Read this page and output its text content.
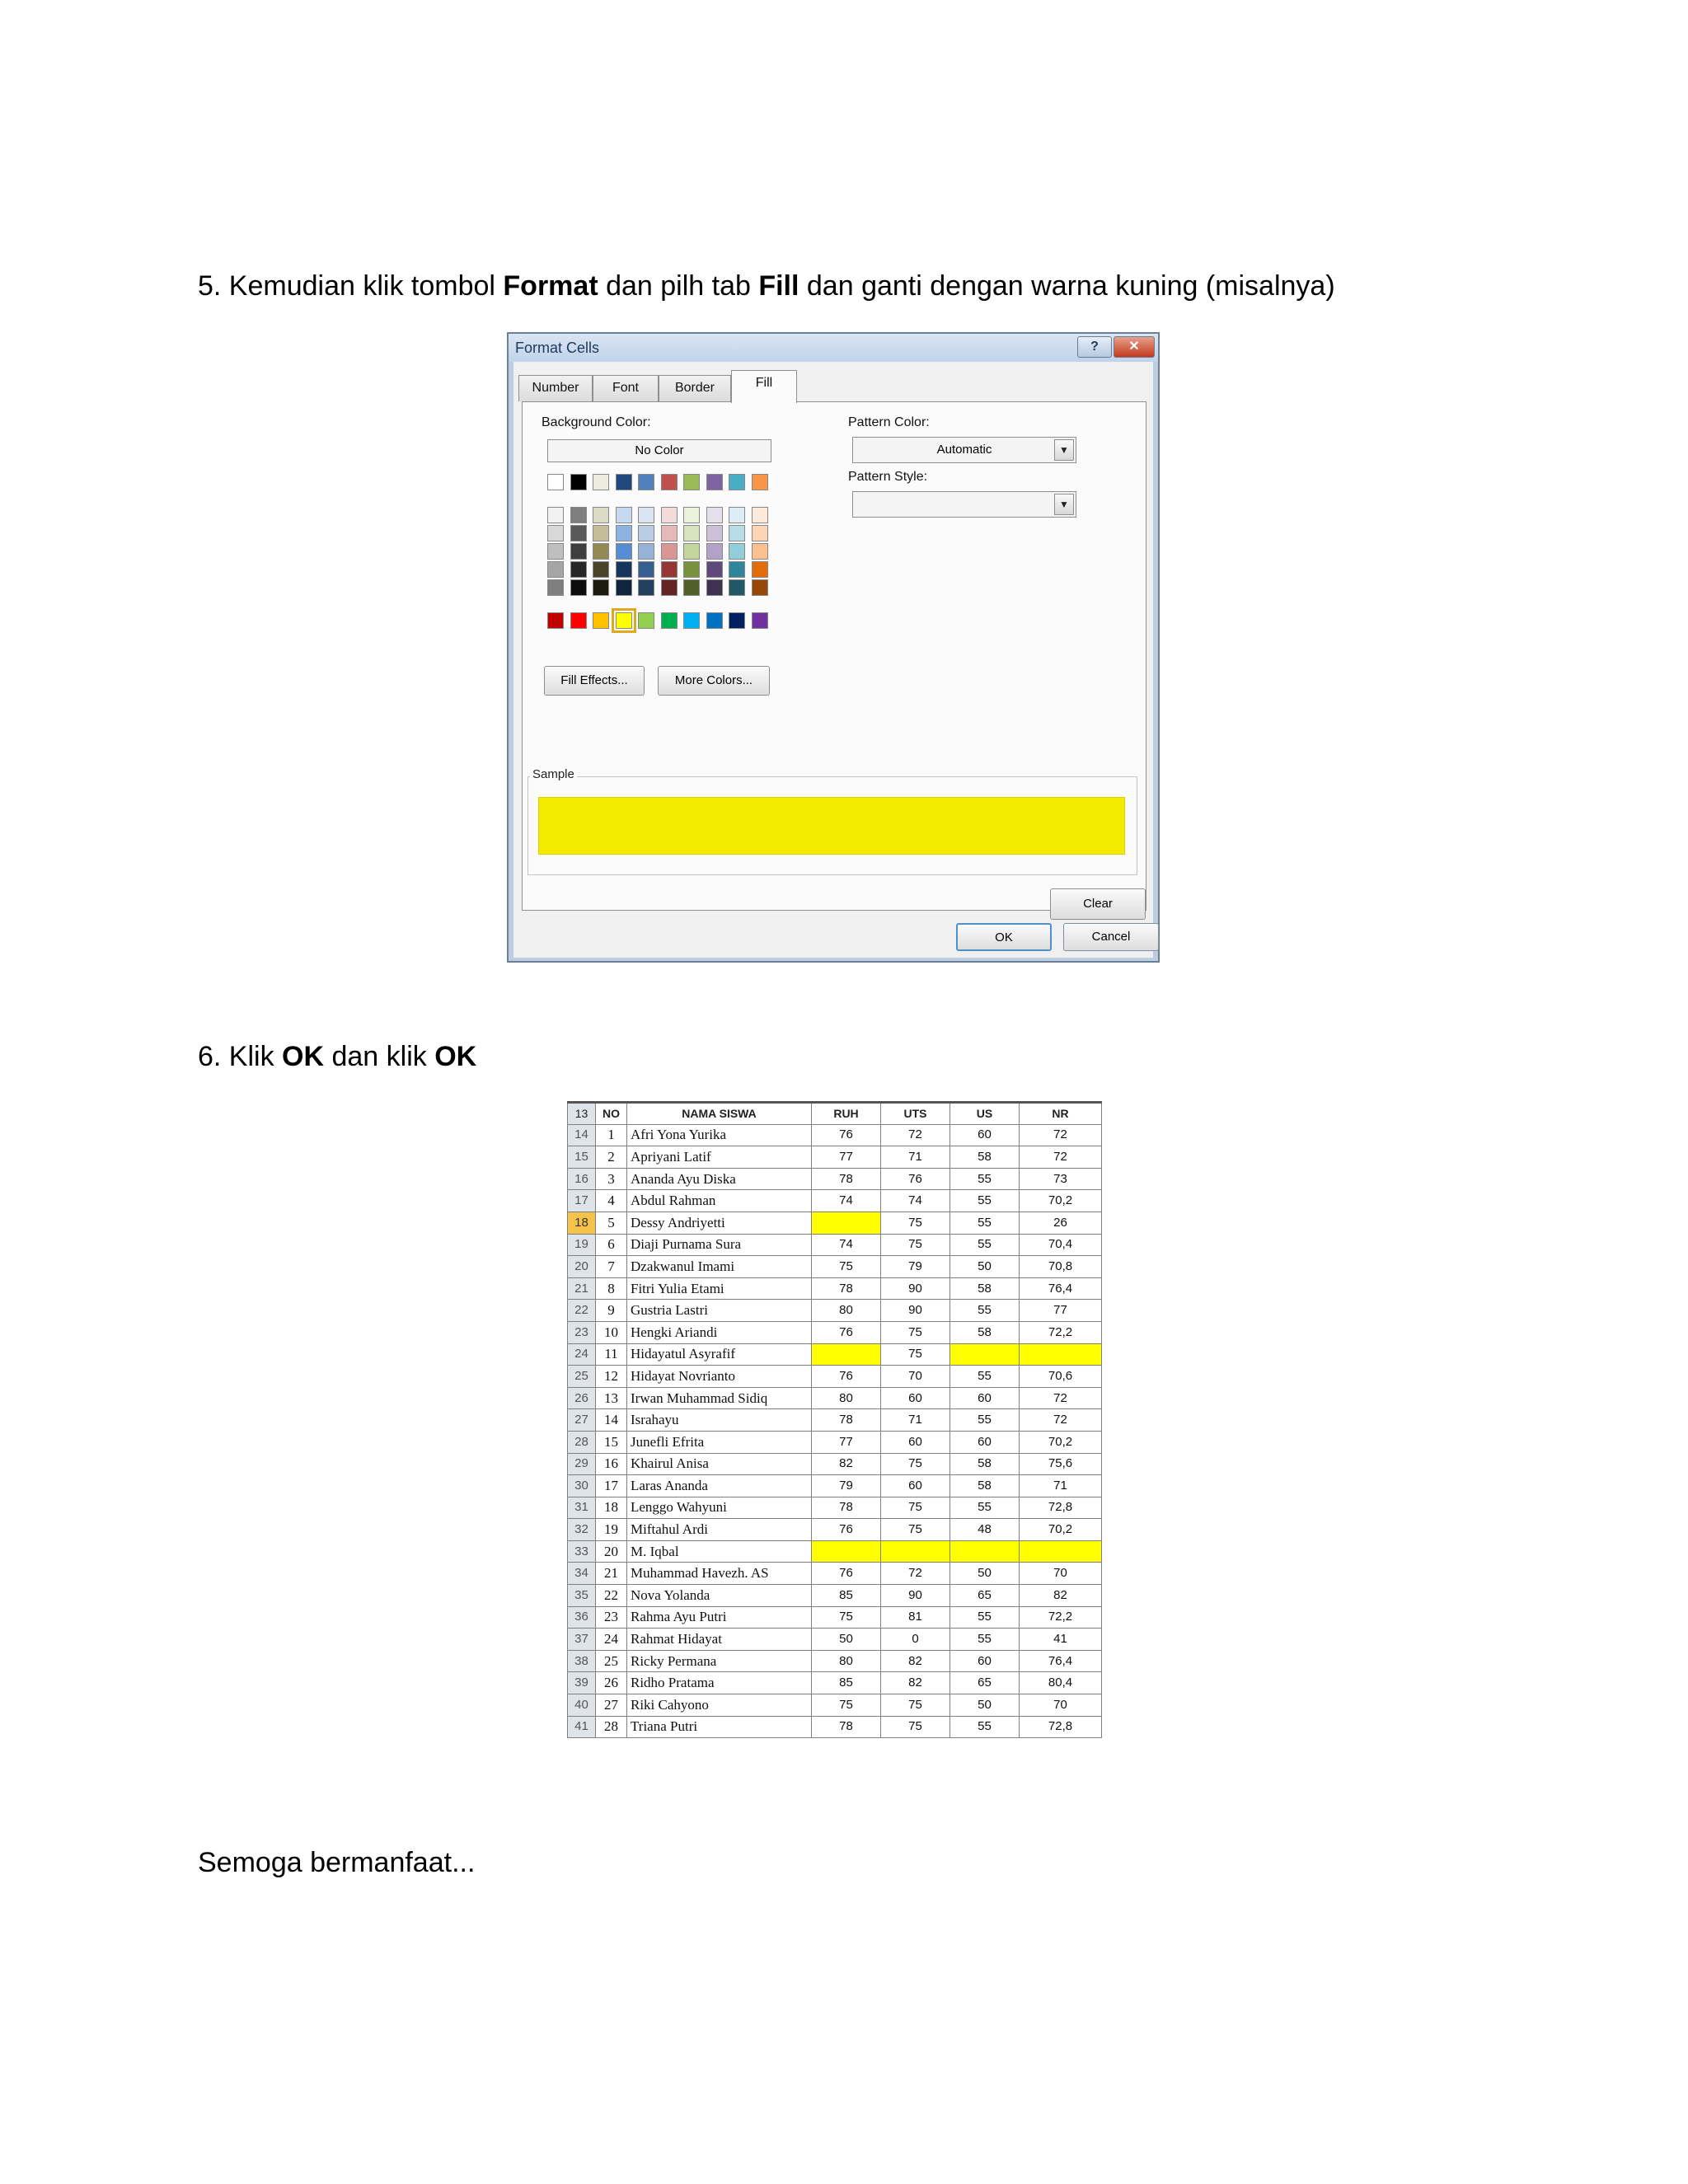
5. Kemudian klik tombol Format dan pilh tab Fill dan ganti dengan warna kuning (misalnya)

Format Cells	?	✕
Number	Font	Border	Fill
Background Color:
No Color
Fill Effects...	More Colors...
Pattern Color:
Automatic	▼
Pattern Style:
▼
Sample
Clear
OK	Cancel

6. Klik OK dan klik OK

13	NO	NAMA SISWA	RUH	UTS	US	NR
14	1	Afri Yona Yurika	76	72	60	72
15	2	Apriyani Latif	77	71	58	72
16	3	Ananda Ayu Diska	78	76	55	73
17	4	Abdul Rahman	74	74	55	70,2
18	5	Dessy Andriyetti		75	55	26
19	6	Diaji Purnama Sura	74	75	55	70,4
20	7	Dzakwanul Imami	75	79	50	70,8
21	8	Fitri Yulia Etami	78	90	58	76,4
22	9	Gustria Lastri	80	90	55	77
23	10	Hengki Ariandi	76	75	58	72,2
24	11	Hidayatul Asyrafif		75		
25	12	Hidayat Novrianto	76	70	55	70,6
26	13	Irwan Muhammad Sidiq	80	60	60	72
27	14	Israhayu	78	71	55	72
28	15	Junefli Efrita	77	60	60	70,2
29	16	Khairul Anisa	82	75	58	75,6
30	17	Laras Ananda	79	60	58	71
31	18	Lenggo Wahyuni	78	75	55	72,8
32	19	Miftahul Ardi	76	75	48	70,2
33	20	M. Iqbal				
34	21	Muhammad Havezh. AS	76	72	50	70
35	22	Nova Yolanda	85	90	65	82
36	23	Rahma Ayu Putri	75	81	55	72,2
37	24	Rahmat Hidayat	50	0	55	41
38	25	Ricky Permana	80	82	60	76,4
39	26	Ridho Pratama	85	82	65	80,4
40	27	Riki Cahyono	75	75	50	70
41	28	Triana Putri	78	75	55	72,8

Semoga bermanfaat...
